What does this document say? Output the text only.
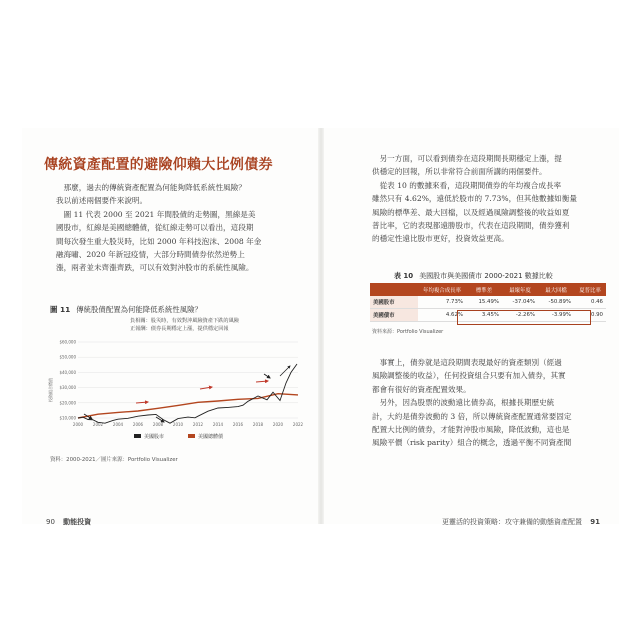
傳統資產配置的避險仰賴大比例債券
　那麼，過去的傳統資產配置為何能夠降低系統性風險？
我以前述兩個要件來說明。
　圖 11 代表 2000 至 2021 年間股債的走勢圖，黑線是美
國股市，紅線是美國總體債，從紅線走勢可以看出，這段期
間每次發生重大股災時，比如 2000 年科技泡沫、2008 年金
融海嘯、2020 年新冠疫情，大部分時間債券依然逆勢上
漲，兩者並未齊漲齊跌，可以有效對沖股市的系統性風險。
圖 11 傳統股債配置為何能降低系統性風險？
負相關：股災時，有效對沖風險資產下跌的風險
正報酬：債券長期穩定上漲，提供穩定回報
$10,000
$20,000
$30,000
$40,000
$50,000
$60,000
2000 2002 2004 2006 2008 2010 2012 2014 2016 2018 2020 2022
投資組合價值
美國股市	美國總體債
資料：2000-2021／圖片來源：Portfolio Visualizer
90 動能投資
　另一方面，可以看到債券在這段期間長期穩定上漲，提
供穩定的回報，所以非常符合前面所講的兩個要件。
　從表 10 的數據來看，這段期間債券的年均複合成長率
雖然只有 4.62%，遠低於股市的 7.73%，但其他數據如衡量
風險的標準差、最大回檔，以及經過風險調整後的收益如夏
普比率，它的表現都遠勝股市，代表在這段期間，債券獲利
的穩定性遠比股市更好，投資效益更高。
表 10 美國股市與美國債市 2000-2021 數據比較
	年均複合成長率	標準差	最壞年度	最大回檔	夏普比率
美國股市	7.73%	15.49%	-37.04%	-50.89%	0.46
美國債市	4.62%	3.45%	-2.26%	-3.99%	0.90
資料來源：Portfolio Visualizer
　事實上，債券就是這段期間表現最好的資產類別（經過
風險調整後的收益），任何投資組合只要有加入債券，其實
都會有很好的資產配置效果。
　另外，因為股票的波動遠比債券高，根據長期歷史統
計，大約是債券波動的 3 倍，所以傳統資產配置通常要固定
配置大比例的債券，才能對沖股市風險，降低波動，這也是
風險平價（risk parity）組合的概念，透過平衡不同資產間
更靈活的投資策略：攻守兼備的動態資產配置 91
